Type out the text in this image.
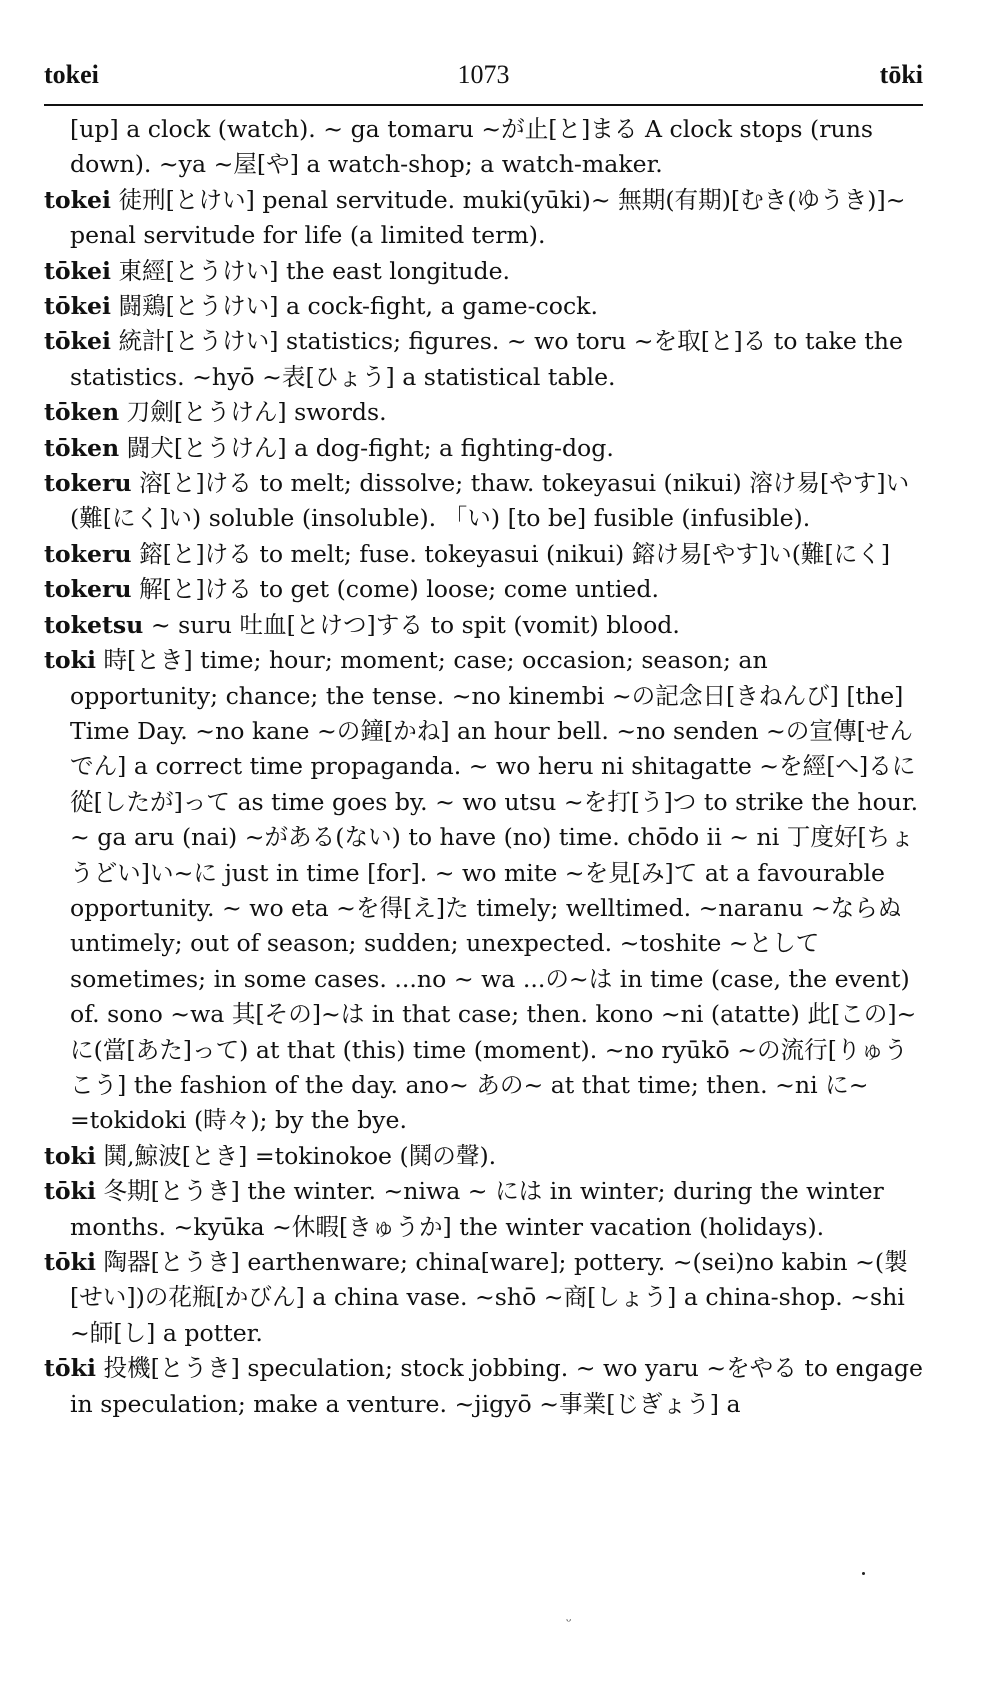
tokei	1073	tōki

[up] a clock (watch). ~ ga tomaru ~が止[と]まる A clock stops (runs down). ~ya ~屋[や] a watch-shop; a watch-maker.

tokei 徒刑[とけい] penal servitude. muki(yūki)~ 無期(有期)[むき(ゆうき)]~ penal servitude for life (a limited term).

tōkei 東經[とうけい] the east longitude.

tōkei 闘鶏[とうけい] a cock-fight, a game-cock.

tōkei 統計[とうけい] statistics; figures. ~ wo toru ~を取[と]る to take the statistics. ~hyō ~表[ひょう] a statistical table.

tōken 刀劍[とうけん] swords.

tōken 闘犬[とうけん] a dog-fight; a fighting-dog.

tokeru 溶[と]ける to melt; dissolve; thaw. tokeyasui (nikui) 溶け易[やす]い(難[にく]い) soluble (insoluble). 「い) [to be] fusible (infusible).

tokeru 鎔[と]ける to melt; fuse. tokeyasui (nikui) 鎔け易[やす]い(難[にく]

tokeru 解[と]ける to get (come) loose; come untied.

toketsu ~ suru 吐血[とけつ]する to spit (vomit) blood.

toki 時[とき] time; hour; moment; case; occasion; season; an opportunity; chance; the tense. ~no kinembi ~の記念日[きねんび] [the] Time Day. ~no kane ~の鐘[かね] an hour bell. ~no senden ~の宣傳[せんでん] a correct time propaganda. ~ wo heru ni shitagatte ~を經[へ]るに從[したが]って as time goes by. ~ wo utsu ~を打[う]つ to strike the hour. ~ ga aru (nai) ~がある(ない) to have (no) time. chōdo ii ~ ni 丁度好[ちょうどい]い~に just in time [for]. ~ wo mite ~を見[み]て at a favourable opportunity. ~ wo eta ~を得[え]た timely; welltimed. ~naranu ~ならぬ untimely; out of season; sudden; unexpected. ~toshite ~として sometimes; in some cases. ...no ~ wa ...の~は in time (case, the event) of. sono ~wa 其[その]~は in that case; then. kono ~ni (atatte) 此[この]~に(當[あた]って) at that (this) time (moment). ~no ryūkō ~の流行[りゅうこう] the fashion of the day. ano~ あの~ at that time; then. ~ni に~ =tokidoki (時々); by the bye.

toki 鬨,鯨波[とき] =tokinokoe (鬨の聲).

tōki 冬期[とうき] the winter. ~niwa ~ には in winter; during the winter months. ~kyūka ~休暇[きゅうか] the winter vacation (holidays).

tōki 陶器[とうき] earthenware; china[ware]; pottery. ~(sei)no kabin ~(製[せい])の花瓶[かびん] a china vase. ~shō ~商[しょう] a china-shop. ~shi ~師[し] a potter.

tōki 投機[とうき] speculation; stock jobbing. ~ wo yaru ~をやる to engage in speculation; make a venture. ~jigyō ~事業[じぎょう] a

ᵕ
